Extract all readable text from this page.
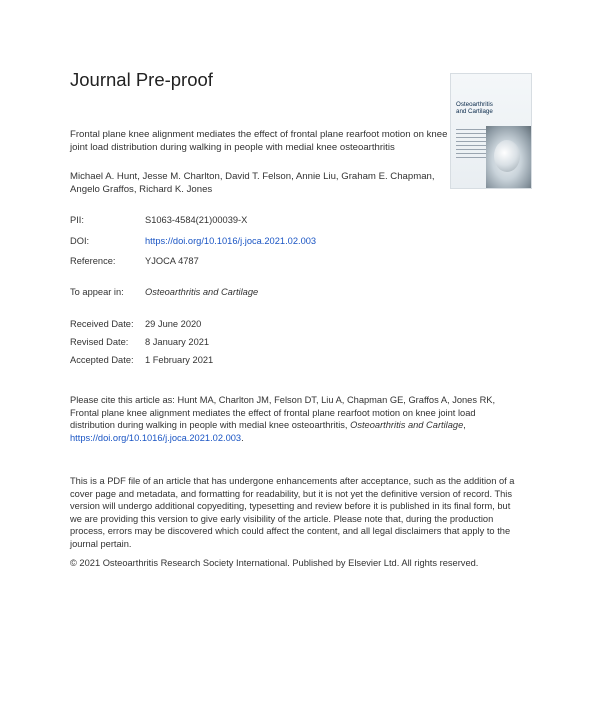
Journal Pre-proof
Osteoarthritis
and Cartilage
Frontal plane knee alignment mediates the effect of frontal plane rearfoot motion on knee joint load distribution during walking in people with medial knee osteoarthritis
Michael A. Hunt, Jesse M. Charlton, David T. Felson, Annie Liu, Graham E. Chapman, Angelo Graffos, Richard K. Jones
PII:	S1063-4584(21)00039-X
DOI:	https://doi.org/10.1016/j.joca.2021.02.003
Reference:	YJOCA 4787
To appear in: Osteoarthritis and Cartilage
Received Date: 29 June 2020
Revised Date: 8 January 2021
Accepted Date: 1 February 2021
Please cite this article as: Hunt MA, Charlton JM, Felson DT, Liu A, Chapman GE, Graffos A, Jones RK, Frontal plane knee alignment mediates the effect of frontal plane rearfoot motion on knee joint load distribution during walking in people with medial knee osteoarthritis, Osteoarthritis and Cartilage, https://doi.org/10.1016/j.joca.2021.02.003.
This is a PDF file of an article that has undergone enhancements after acceptance, such as the addition of a cover page and metadata, and formatting for readability, but it is not yet the definitive version of record. This version will undergo additional copyediting, typesetting and review before it is published in its final form, but we are providing this version to give early visibility of the article. Please note that, during the production process, errors may be discovered which could affect the content, and all legal disclaimers that apply to the journal pertain.
© 2021 Osteoarthritis Research Society International. Published by Elsevier Ltd. All rights reserved.
